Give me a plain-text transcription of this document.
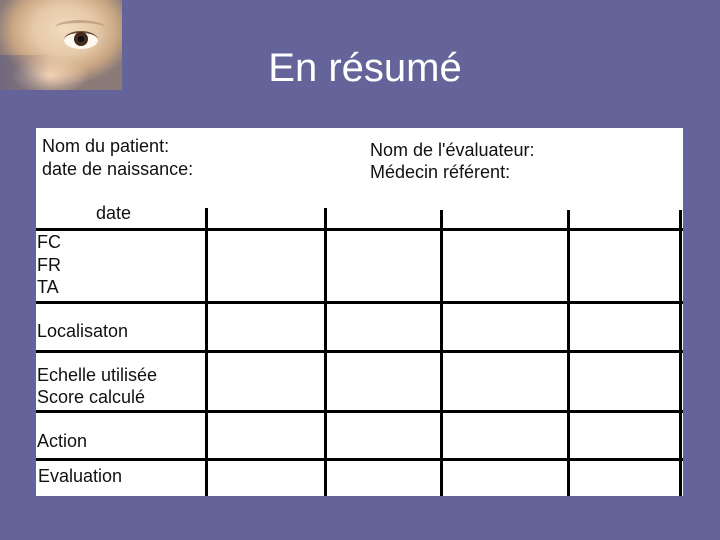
En résumé
Nom du patient:
date de naissance:
Nom de l'évaluateur:
Médecin référent:
date
FC
FR
TA
Localisaton
Echelle utilisée
Score calculé
Action
Evaluation
